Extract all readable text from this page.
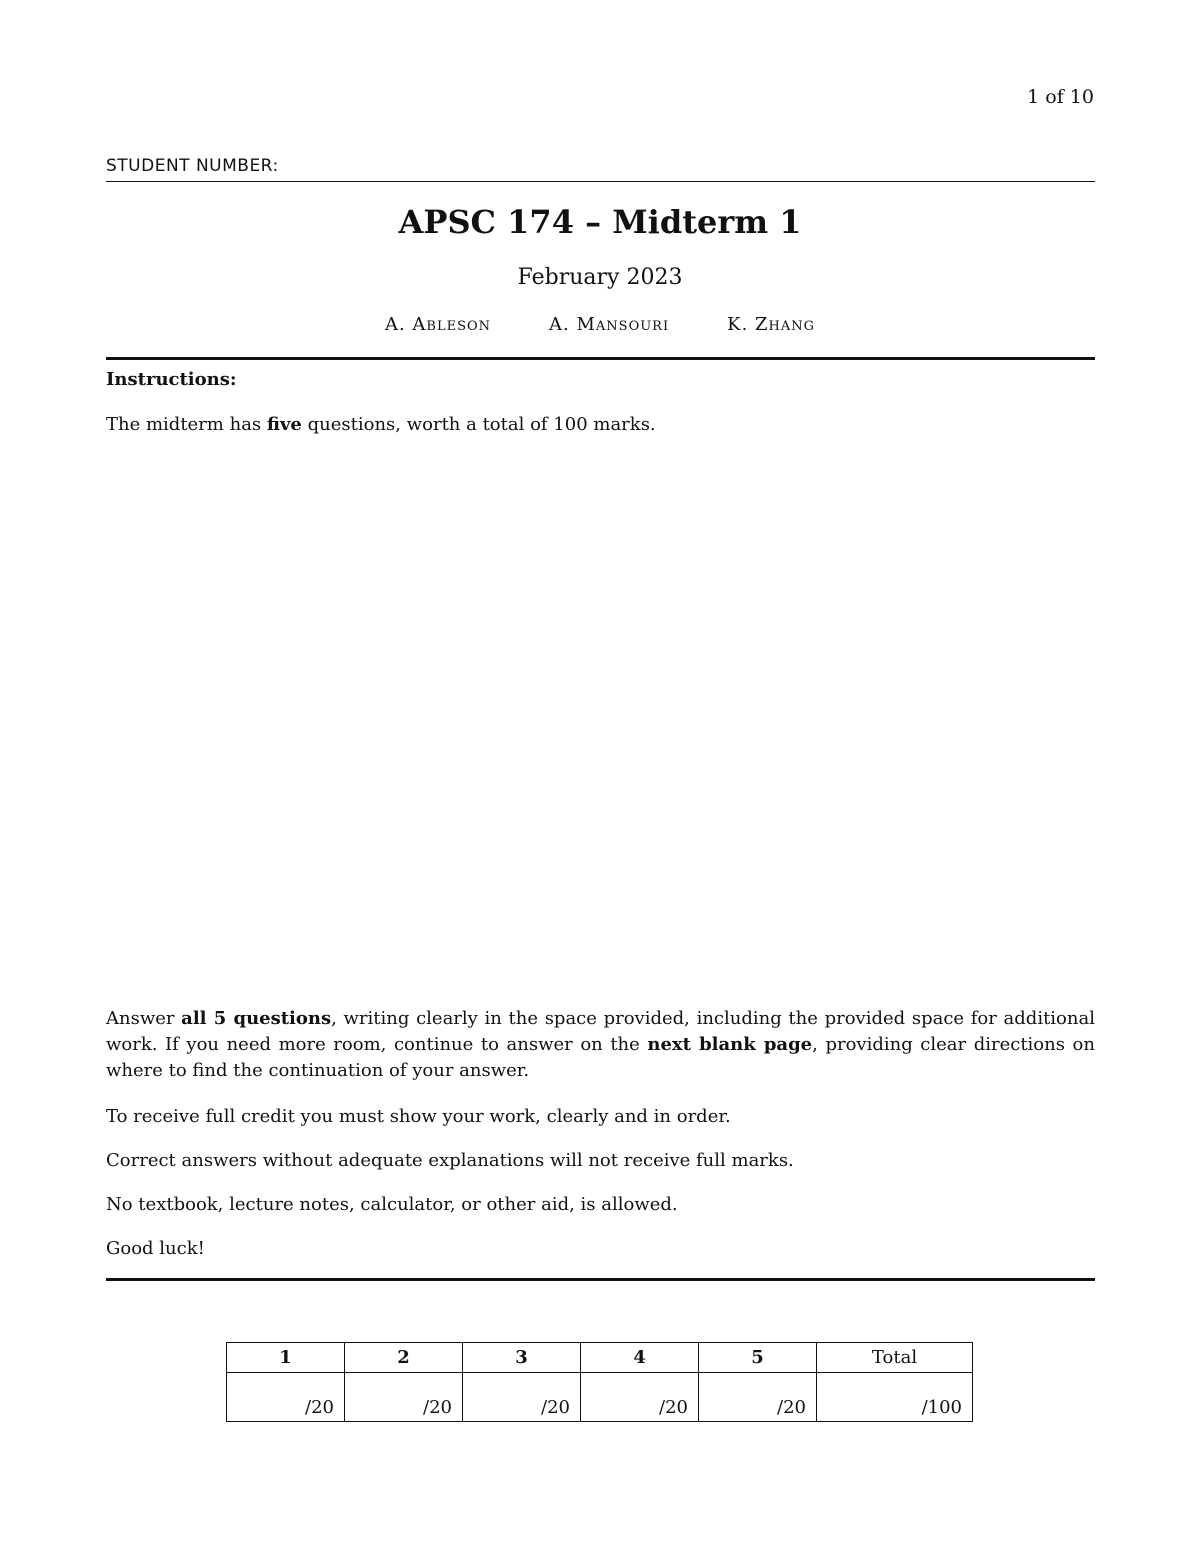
1 of 10
STUDENT NUMBER:
APSC 174 – Midterm 1
February 2023
A. Ableson	A. Mansouri	K. Zhang
Instructions:
The midterm has five questions, worth a total of 100 marks.
Answer all 5 questions, writing clearly in the space provided, including the provided space for additional work. If you need more room, continue to answer on the next blank page, providing clear directions on where to find the continuation of your answer.
To receive full credit you must show your work, clearly and in order.
Correct answers without adequate explanations will not receive full marks.
No textbook, lecture notes, calculator, or other aid, is allowed.
Good luck!
1	2	3	4	5	Total
/20	/20	/20	/20	/20	/100
